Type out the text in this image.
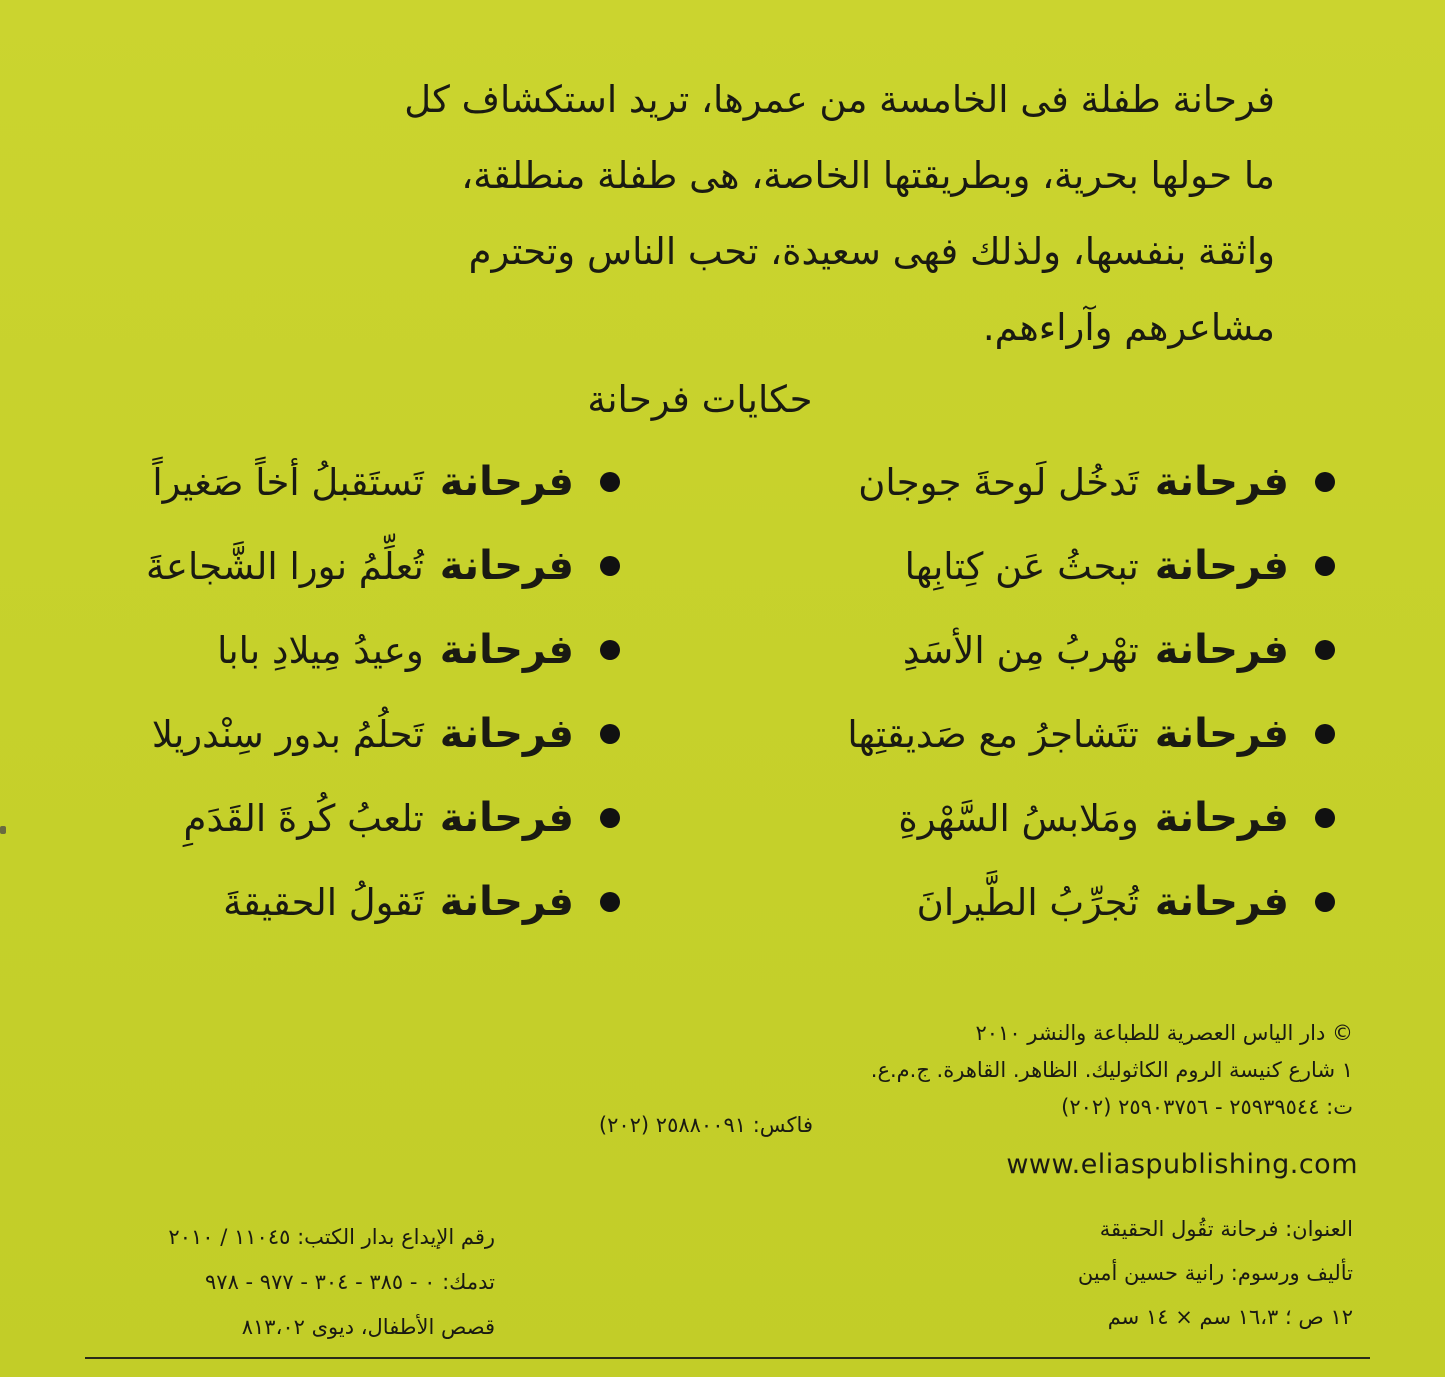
فرحانة طفلة فى الخامسة من عمرها، تريد استكشاف كل
ما حولها بحرية، وبطريقتها الخاصة، هى طفلة منطلقة،
واثقة بنفسها، ولذلك فهى سعيدة، تحب الناس وتحترم
مشاعرهم وآراءهم.
حكايات فرحانة
فرحانة
تَدخُل لَوحةَ جوجان
فرحانة
تبحثُ عَن كِتابِها
فرحانة
تهْربُ مِن الأسَدِ
فرحانة
تتَشاجرُ مع صَديقتِها
فرحانة
ومَلابسُ السَّهْرةِ
فرحانة
تُجرِّبُ الطَّيرانَ
فرحانة
تَستَقبلُ أخاً صَغيراً
فرحانة
تُعلِّمُ نورا الشَّجاعةَ
فرحانة
وعيدُ مِيلادِ بابا
فرحانة
تَحلُمُ بدور سِنْدريلا
فرحانة
تلعبُ كُرةَ القَدَمِ
فرحانة
تَقولُ الحقيقةَ
© دار الياس العصرية للطباعة والنشر ٢٠١٠
١ شارع كنيسة الروم الكاثوليك. الظاهر. القاهرة. ج.م.ع.
ت: ٢٥٩٣٩٥٤٤ - ٢٥٩٠٣٧٥٦ (٢٠٢)
فاكس: ٢٥٨٨٠٠٩١ (٢٠٢)
www.eliaspublishing.com
العنوان: فرحانة تقُول الحقيقة
تأليف ورسوم: رانية حسين أمين
١٢ ص ؛ ١٦،٣ سم × ١٤ سم
رقم الإيداع بدار الكتب: ١١٠٤٥ / ٢٠١٠
تدمك: ٠ - ٣٨٥ - ٣٠٤ - ٩٧٧ - ٩٧٨
قصص الأطفال، ديوى ٨١٣،٠٢
